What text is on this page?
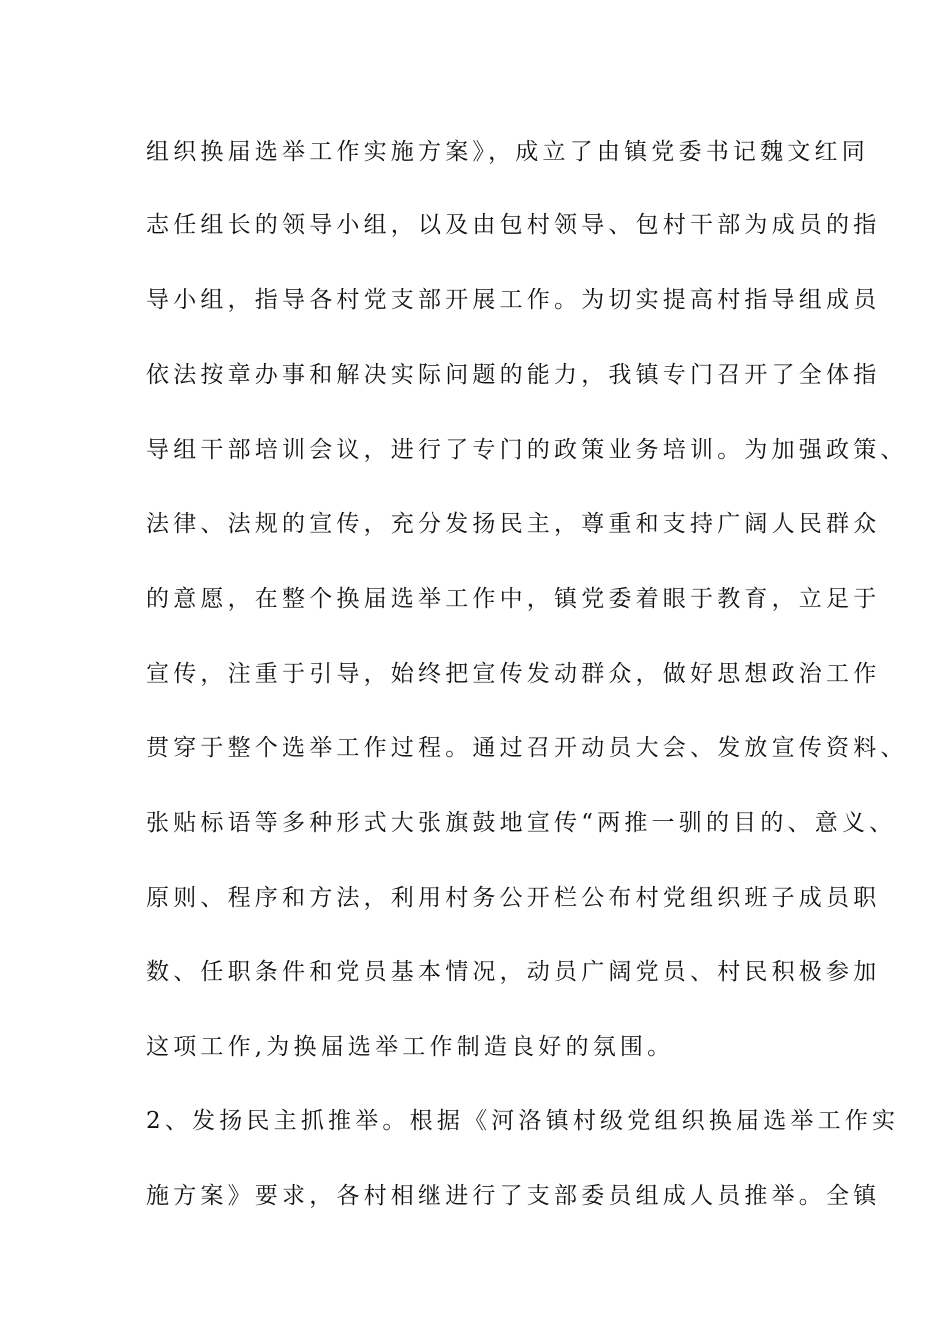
组织换届选举工作实施方案》，成立了由镇党委书记魏文红同
志任组长的领导小组，以及由包村领导、包村干部为成员的指
导小组，指导各村党支部开展工作。为切实提高村指导组成员
依法按章办事和解决实际问题的能力，我镇专门召开了全体指
导组干部培训会议，进行了专门的政策业务培训。为加强政策、
法律、法规的宣传，充分发扬民主，尊重和支持广阔人民群众
的意愿，在整个换届选举工作中，镇党委着眼于教育，立足于
宣传，注重于引导，始终把宣传发动群众，做好思想政治工作
贯穿于整个选举工作过程。通过召开动员大会、发放宣传资料、
张贴标语等多种形式大张旗鼓地宣传“两推一驯的目的、意义、
原则、程序和方法，利用村务公开栏公布村党组织班子成员职
数、任职条件和党员基本情况，动员广阔党员、村民积极参加
这项工作,为换届选举工作制造良好的氛围。
2、发扬民主抓推举。根据《河洛镇村级党组织换届选举工作实
施方案》要求，各村相继进行了支部委员组成人员推举。全镇
